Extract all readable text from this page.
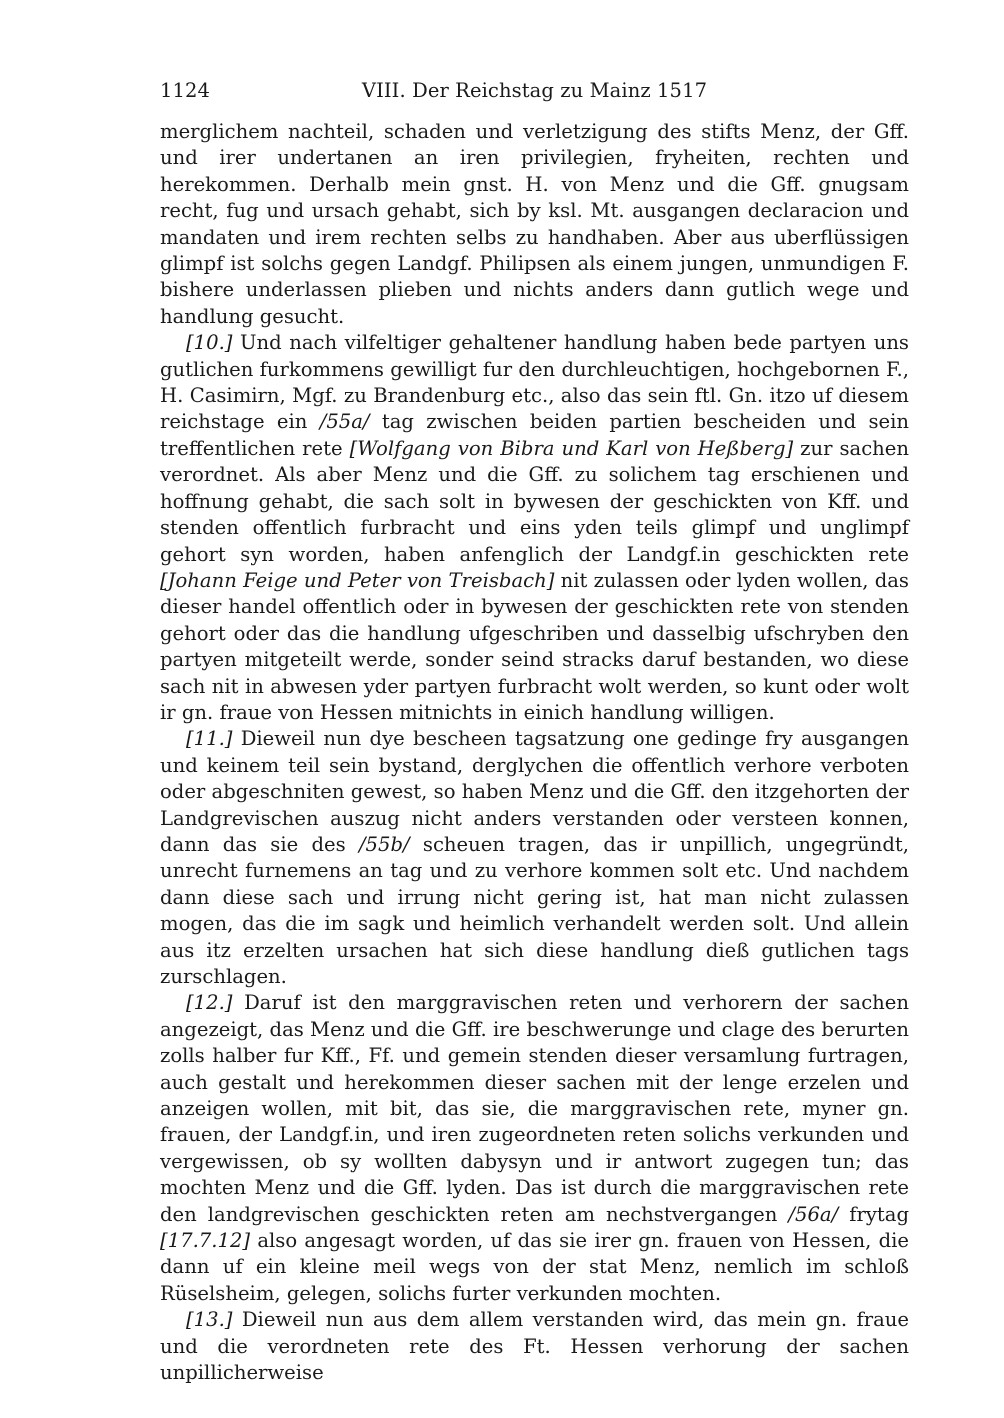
1124	VIII. Der Reichstag zu Mainz 1517

merglichem nachteil, schaden und verletzigung des stifts Menz, der Gff. und irer undertanen an iren privilegien, fryheiten, rechten und herekommen. Derhalb mein gnst. H. von Menz und die Gff. gnugsam recht, fug und ursach gehabt, sich by ksl. Mt. ausgangen declaracion und mandaten und irem rechten selbs zu handhaben. Aber aus uberflüssigen glimpf ist solchs gegen Landgf. Philipsen als einem jungen, unmundigen F. bishere underlassen plieben und nichts anders dann gutlich wege und handlung gesucht.

[10.] Und nach vilfeltiger gehaltener handlung haben bede partyen uns gutlichen furkommens gewilligt fur den durchleuchtigen, hochgebornen F., H. Casimirn, Mgf. zu Brandenburg etc., also das sein ftl. Gn. itzo uf diesem reichstage ein /55a/ tag zwischen beiden partien bescheiden und sein treffentlichen rete [Wolfgang von Bibra und Karl von Heßberg] zur sachen verordnet. Als aber Menz und die Gff. zu solichem tag erschienen und hoffnung gehabt, die sach solt in bywesen der geschickten von Kff. und stenden offentlich furbracht und eins yden teils glimpf und unglimpf gehort syn worden, haben anfenglich der Landgf.in geschickten rete [Johann Feige und Peter von Treisbach] nit zulassen oder lyden wollen, das dieser handel offentlich oder in bywesen der geschickten rete von stenden gehort oder das die handlung ufgeschriben und dasselbig ufschryben den partyen mitgeteilt werde, sonder seind stracks daruf bestanden, wo diese sach nit in abwesen yder partyen furbracht wolt werden, so kunt oder wolt ir gn. fraue von Hessen mitnichts in einich handlung willigen.

[11.] Dieweil nun dye bescheen tagsatzung one gedinge fry ausgangen und keinem teil sein bystand, derglychen die offentlich verhore verboten oder abgeschniten gewest, so haben Menz und die Gff. den itzgehorten der Landgrevischen auszug nicht anders verstanden oder versteen konnen, dann das sie des /55b/ scheuen tragen, das ir unpillich, ungegründt, unrecht furnemens an tag und zu verhore kommen solt etc. Und nachdem dann diese sach und irrung nicht gering ist, hat man nicht zulassen mogen, das die im sagk und heimlich verhandelt werden solt. Und allein aus itz erzelten ursachen hat sich diese handlung dieß gutlichen tags zurschlagen.

[12.] Daruf ist den marggravischen reten und verhorern der sachen angezeigt, das Menz und die Gff. ire beschwerunge und clage des berurten zolls halber fur Kff., Ff. und gemein stenden dieser versamlung furtragen, auch gestalt und herekommen dieser sachen mit der lenge erzelen und anzeigen wollen, mit bit, das sie, die marggravischen rete, myner gn. frauen, der Landgf.in, und iren zugeordneten reten solichs verkunden und vergewissen, ob sy wollten dabysyn und ir antwort zugegen tun; das mochten Menz und die Gff. lyden. Das ist durch die marggravischen rete den landgrevischen geschickten reten am nechstvergangen /56a/ frytag [17.7.12] also angesagt worden, uf das sie irer gn. frauen von Hessen, die dann uf ein kleine meil wegs von der stat Menz, nemlich im schloß Rüselsheim, gelegen, solichs furter verkunden mochten.

[13.] Dieweil nun aus dem allem verstanden wird, das mein gn. fraue und die verordneten rete des Ft. Hessen verhorung der sachen unpillicherweise
